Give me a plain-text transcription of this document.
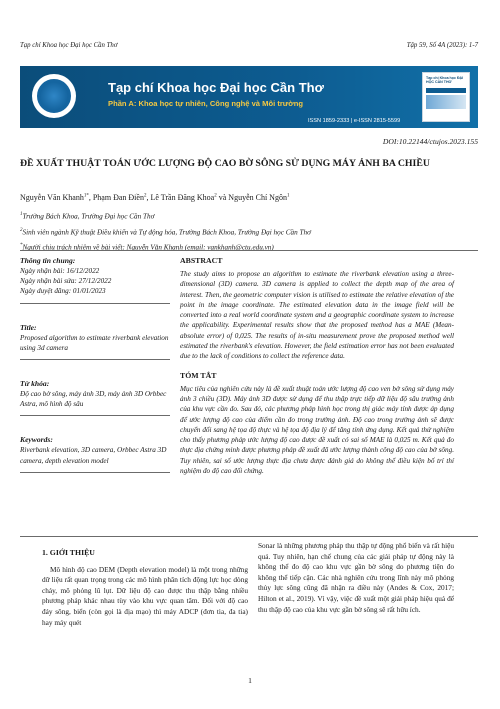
Tạp chí Khoa học Đại học Cần Thơ	Tập 59, Số 4A (2023): 1-7
Tạp chí Khoa học Đại học Cần Thơ
Phần A: Khoa học tự nhiên, Công nghệ và Môi trường
ISSN 1859-2333 | e-ISSN 2815-5599
Tạp chí Khoa học ĐẠI HỌC CẦN THƠ
DOI:10.22144/ctujos.2023.155
ĐỀ XUẤT THUẬT TOÁN ƯỚC LƯỢNG ĐỘ CAO BỜ SÔNG SỬ DỤNG MÁY ẢNH BA CHIỀU
Nguyễn Văn Khanh$^{1*}$, Phạm Đan Điền$^2$, Lê Trần Đăng Khoa$^2$ và Nguyễn Chí Ngôn$^1$
$^1$Trường Bách Khoa, Trường Đại học Cần Thơ
$^2$Sinh viên ngành Kỹ thuật Điều khiển và Tự động hóa, Trường Bách Khoa, Trường Đại học Cần Thơ
*Người chịu trách nhiệm về bài viết: Nguyễn Văn Khanh (email: vankhanh@ctu.edu.vn)
Thông tin chung:
Ngày nhận bài: 16/12/2022
Ngày nhận bài sửa: 27/12/2022
Ngày duyệt đăng: 01/01/2023
Title:
Proposed algorithm to estimate riverbank elevation using 3d camera
Từ khóa:
Độ cao bờ sông, máy ảnh 3D, máy ảnh 3D Orbbec Astra, mô hình độ sâu
Keywords:
Riverbank elevation, 3D camera, Orbbec Astra 3D camera, depth elevation model
ABSTRACT

The study aims to propose an algorithm to estimate the riverbank elevation using a three-dimensional (3D) camera. 3D camera is applied to collect the depth map of the area of interest. Then, the geometric computer vision is utilised to estimate the relative elevation of the point in the image coordinate. The estimated elevation data in the image field will be converted into a real world coordinate system and a geographic coordinate system to increase the applicability. Experimental results show that the proposed method has a MAE (Mean-absolute error) of 0,025. The results of in-situ measurement prove the proposed method well estimated the riverbank's elevation. However, the field estimation error has not been evaluated due to the lack of conditions to collect the reference data.

TÓM TẮT

Mục tiêu của nghiên cứu này là đề xuất thuật toán ước lượng độ cao ven bờ sông sử dụng máy ảnh 3 chiều (3D). Máy ảnh 3D được sử dụng để thu thập trực tiếp dữ liệu độ sâu trường ảnh của khu vực cần đo. Sau đó, các phương pháp hình học trong thị giác máy tính được áp dụng để ước lượng độ cao của điểm cần đo trong trường ảnh. Độ cao trong trường ảnh sẽ được chuyển đổi sang hệ tọa độ thực và hệ tọa độ địa lý để tăng tính ứng dụng. Kết quả thử nghiệm cho thấy phương pháp ước lượng độ cao được đề xuất có sai số MAE là 0,025 m. Kết quả đo thực địa chứng minh được phương pháp đề xuất đã ước lượng thành công độ cao của bờ sông. Tuy nhiên, sai số ước lượng thực địa chưa được đánh giá do không thể điều kiện bố trí thí nghiệm đo độ cao đối chứng.

1. GIỚI THIỆU

Mô hình độ cao DEM (Depth elevation model) là một trong những dữ liệu rất quan trọng trong các mô hình phân tích động lực học dòng chảy, mô phỏng lũ lụt. Dữ liệu độ cao được thu thập bằng nhiều phương pháp khác nhau tùy vào khu vực quan tâm. Đối với độ cao đáy sông, biển (còn gọi là địa mạo) thì máy ADCP (đơn tia, đa tia) hay máy quét

Sonar là những phương pháp thu thập tự động phổ biến và rất hiệu quả. Tuy nhiên, hạn chế chung của các giải pháp tự động này là không thể đo độ cao khu vực gần bờ sông do phương tiện đo không thể tiếp cận. Các nhà nghiên cứu trong lĩnh này mô phỏng thủy lực sông cũng đã nhận ra điều này (Andes & Cox, 2017; Hilton et al., 2019). Vì vậy, việc đề xuất một giải pháp hiệu quả để thu thập độ cao của khu vực gần bờ sông sẽ rất hữu ích.

1
